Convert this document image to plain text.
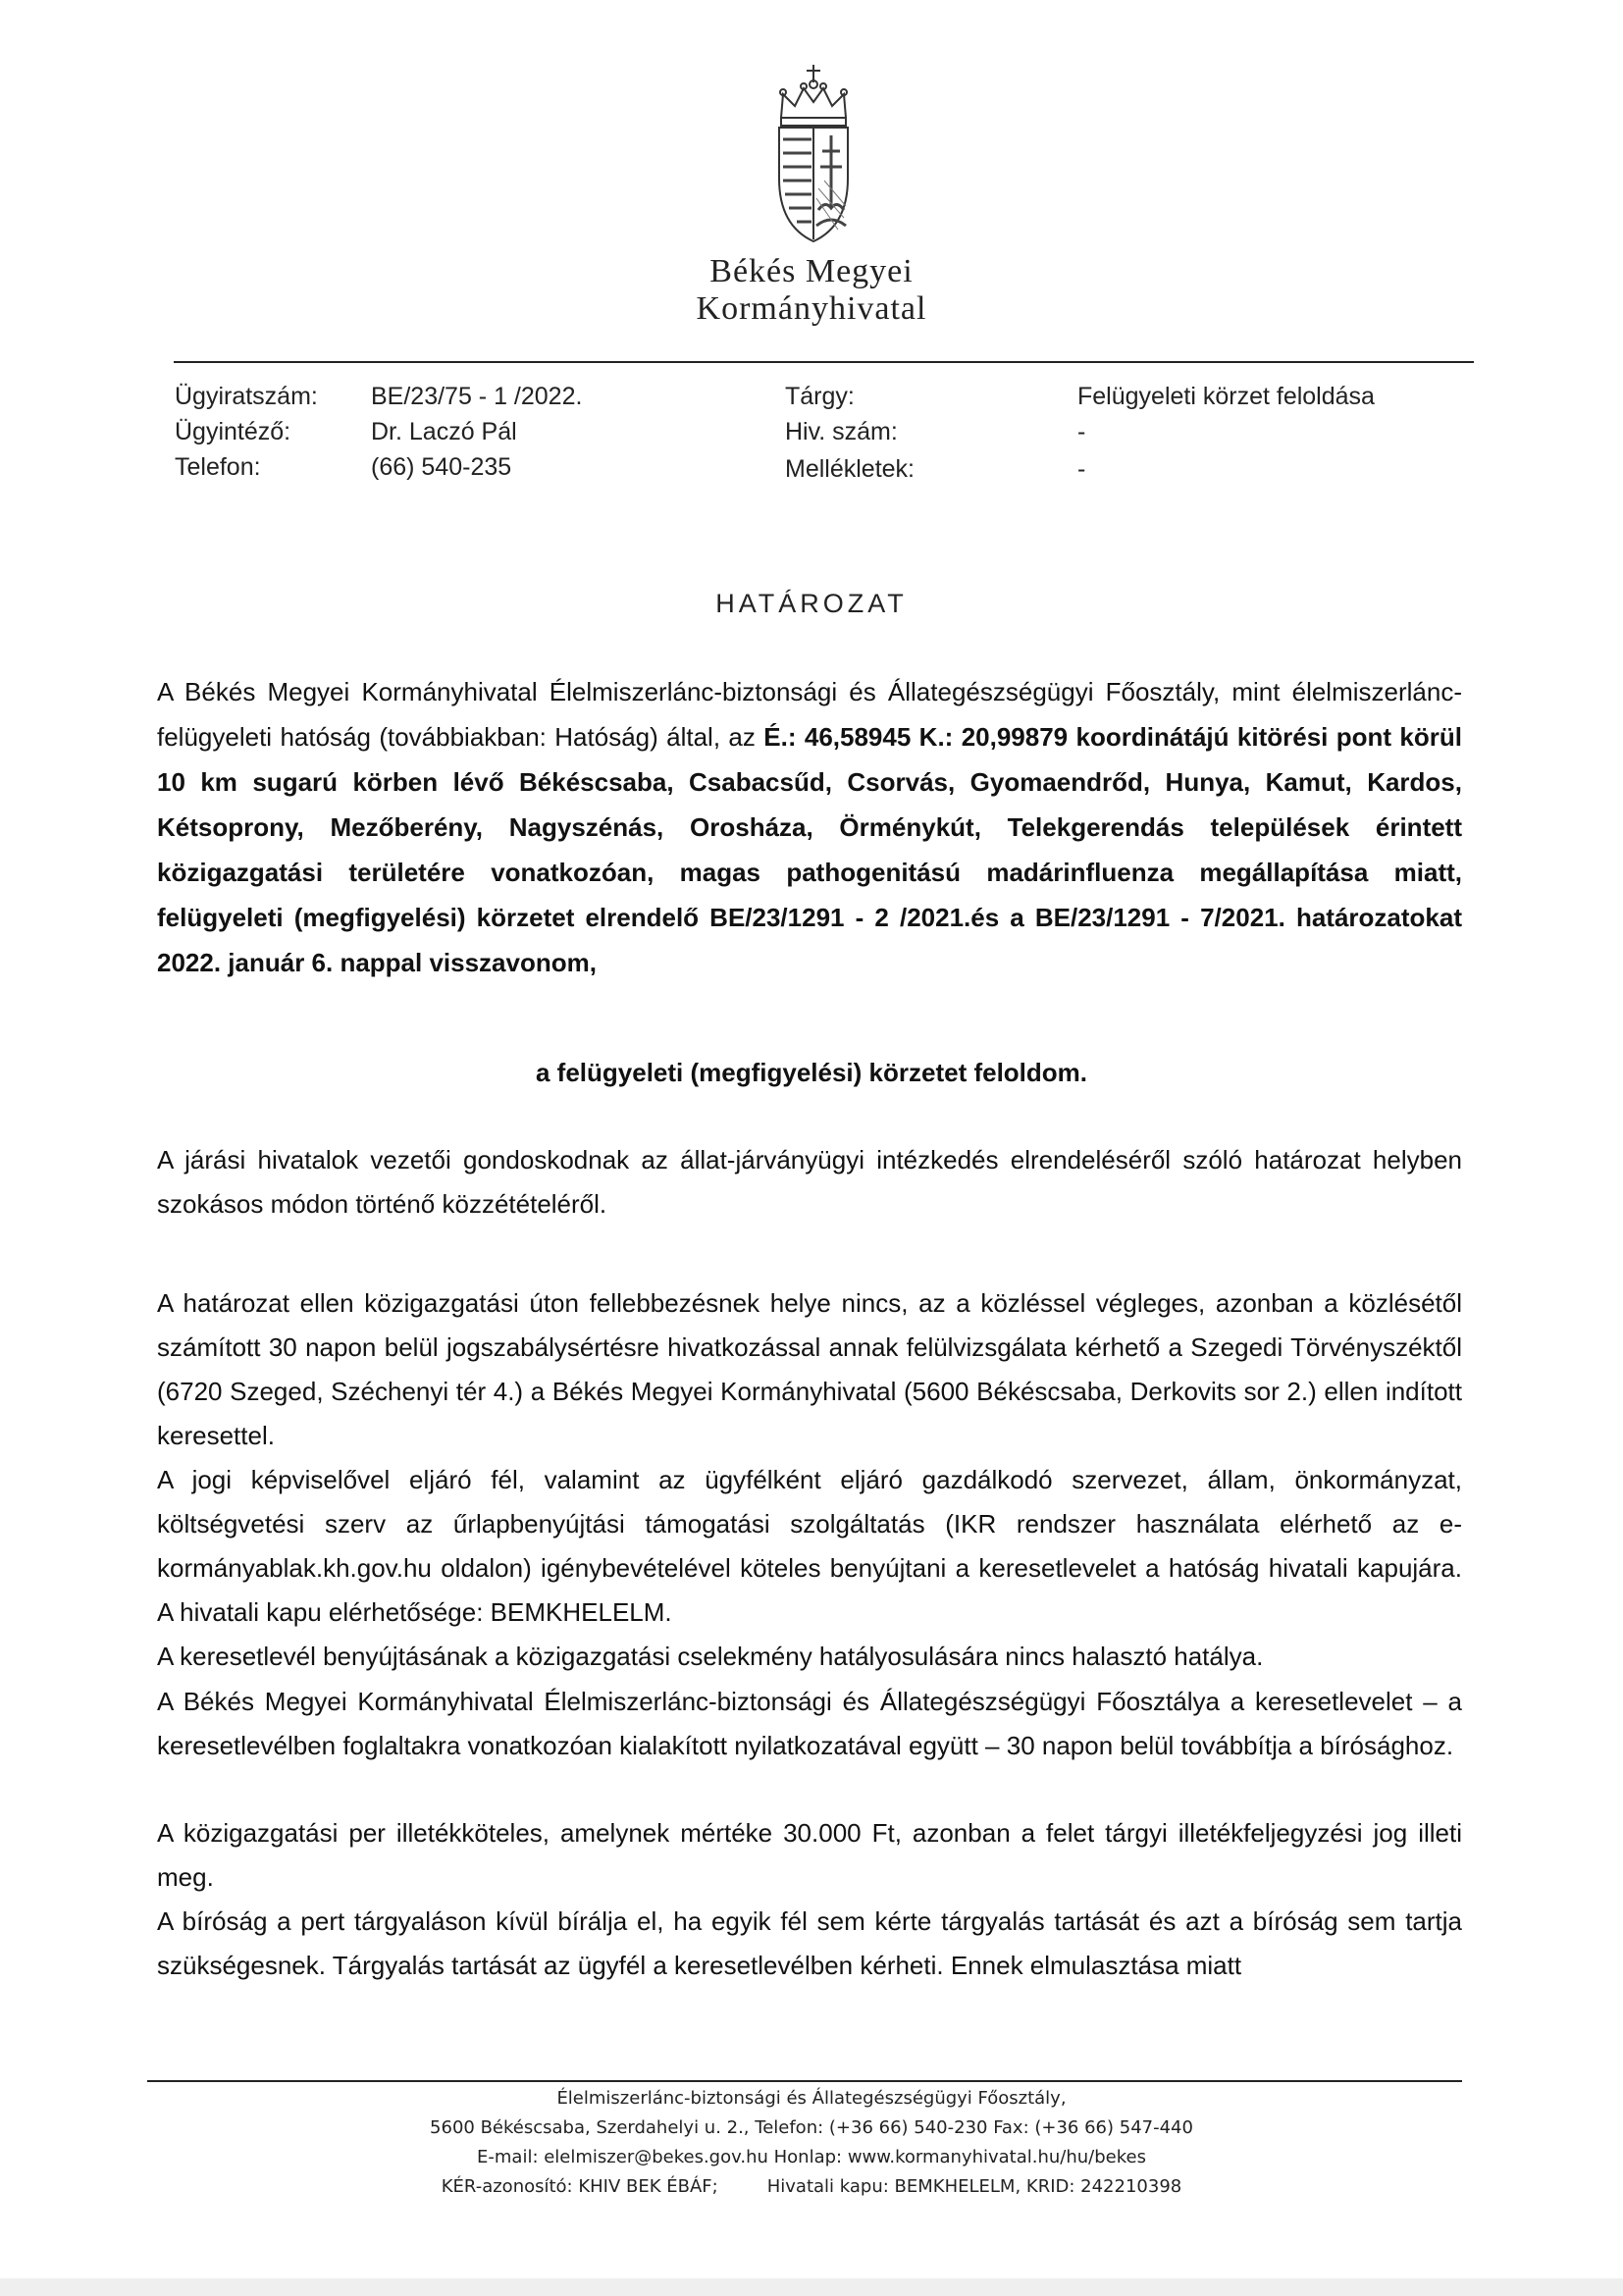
Békés Megyei
Kormányhivatal
Ügyiratszám: BE/23/75 - 1 /2022.
Ügyintéző:	Dr. Laczó Pál
Telefon:	(66) 540-235
Tárgy:	Felügyeleti körzet feloldása
Hiv. szám:	-
Mellékletek:	-
HATÁROZAT
A Békés Megyei Kormányhivatal Élelmiszerlánc-biztonsági és Állategészségügyi Főosztály, mint élelmiszerlánc-felügyeleti hatóság (továbbiakban: Hatóság) által, az É.: 46,58945 K.: 20,99879 koordinátájú kitörési pont körül 10 km sugarú körben lévő Békéscsaba, Csabacsűd, Csorvás, Gyomaendrőd, Hunya, Kamut, Kardos, Kétsoprony, Mezőberény, Nagyszénás, Orosháza, Örménykút, Telekgerendás települések érintett közigazgatási területére vonatkozóan, magas pathogenitású madárinfluenza megállapítása miatt, felügyeleti (megfigyelési) körzetet elrendelő BE/23/1291 - 2 /2021.és a BE/23/1291 - 7/2021. határozatokat 2022. január 6. nappal visszavonom,
a felügyeleti (megfigyelési) körzetet feloldom.
A járási hivatalok vezetői gondoskodnak az állat-járványügyi intézkedés elrendeléséről szóló határozat helyben szokásos módon történő közzétételéről.
A határozat ellen közigazgatási úton fellebbezésnek helye nincs, az a közléssel végleges, azonban a közlésétől számított 30 napon belül jogszabálysértésre hivatkozással annak felülvizsgálata kérhető a Szegedi Törvényszéktől (6720 Szeged, Széchenyi tér 4.) a Békés Megyei Kormányhivatal (5600 Békéscsaba, Derkovits sor 2.) ellen indított keresettel.
A jogi képviselővel eljáró fél, valamint az ügyfélként eljáró gazdálkodó szervezet, állam, önkormányzat, költségvetési szerv az űrlapbenyújtási támogatási szolgáltatás (IKR rendszer használata elérhető az e-kormányablak.kh.gov.hu oldalon) igénybevételével köteles benyújtani a keresetlevelet a hatóság hivatali kapujára. A hivatali kapu elérhetősége: BEMKHELELM.
A keresetlevél benyújtásának a közigazgatási cselekmény hatályosulására nincs halasztó hatálya.
A Békés Megyei Kormányhivatal Élelmiszerlánc-biztonsági és Állategészségügyi Főosztálya a keresetlevelet – a keresetlevélben foglaltakra vonatkozóan kialakított nyilatkozatával együtt – 30 napon belül továbbítja a bírósághoz.
A közigazgatási per illetékköteles, amelynek mértéke 30.000 Ft, azonban a felet tárgyi illetékfeljegyzési jog illeti meg.
A bíróság a pert tárgyaláson kívül bírálja el, ha egyik fél sem kérte tárgyalás tartását és azt a bíróság sem tartja szükségesnek. Tárgyalás tartását az ügyfél a keresetlevélben kérheti. Ennek elmulasztása miatt
Élelmiszerlánc-biztonsági és Állategészségügyi Főosztály,
5600 Békéscsaba, Szerdahelyi u. 2., Telefon: (+36 66) 540-230 Fax: (+36 66) 547-440
E-mail: elelmiszer@bekes.gov.hu Honlap: www.kormanyhivatal.hu/hu/bekes
KÉR-azonosító: KHIV BEK ÉBÁF;	Hivatali kapu: BEMKHELELM, KRID: 242210398
